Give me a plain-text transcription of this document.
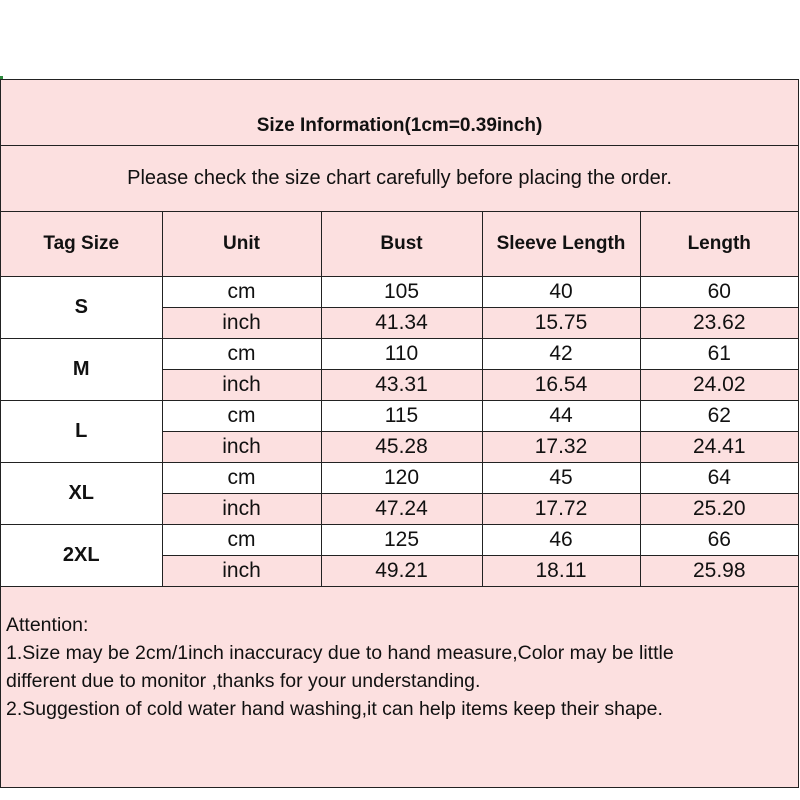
Size Information(1cm=0.39inch)
Please check the size chart carefully before placing the order.
Tag Size	Unit	Bust	Sleeve Length	Length
S	cm	105	40	60
	inch	41.34	15.75	23.62
M	cm	110	42	61
	inch	43.31	16.54	24.02
L	cm	115	44	62
	inch	45.28	17.32	24.41
XL	cm	120	45	64
	inch	47.24	17.72	25.20
2XL	cm	125	46	66
	inch	49.21	18.11	25.98
Attention:
1.Size may be 2cm/1inch inaccuracy due to hand measure,Color may be little
different due to monitor ,thanks for your understanding.
2.Suggestion of cold water hand washing,it can help items keep their shape.
